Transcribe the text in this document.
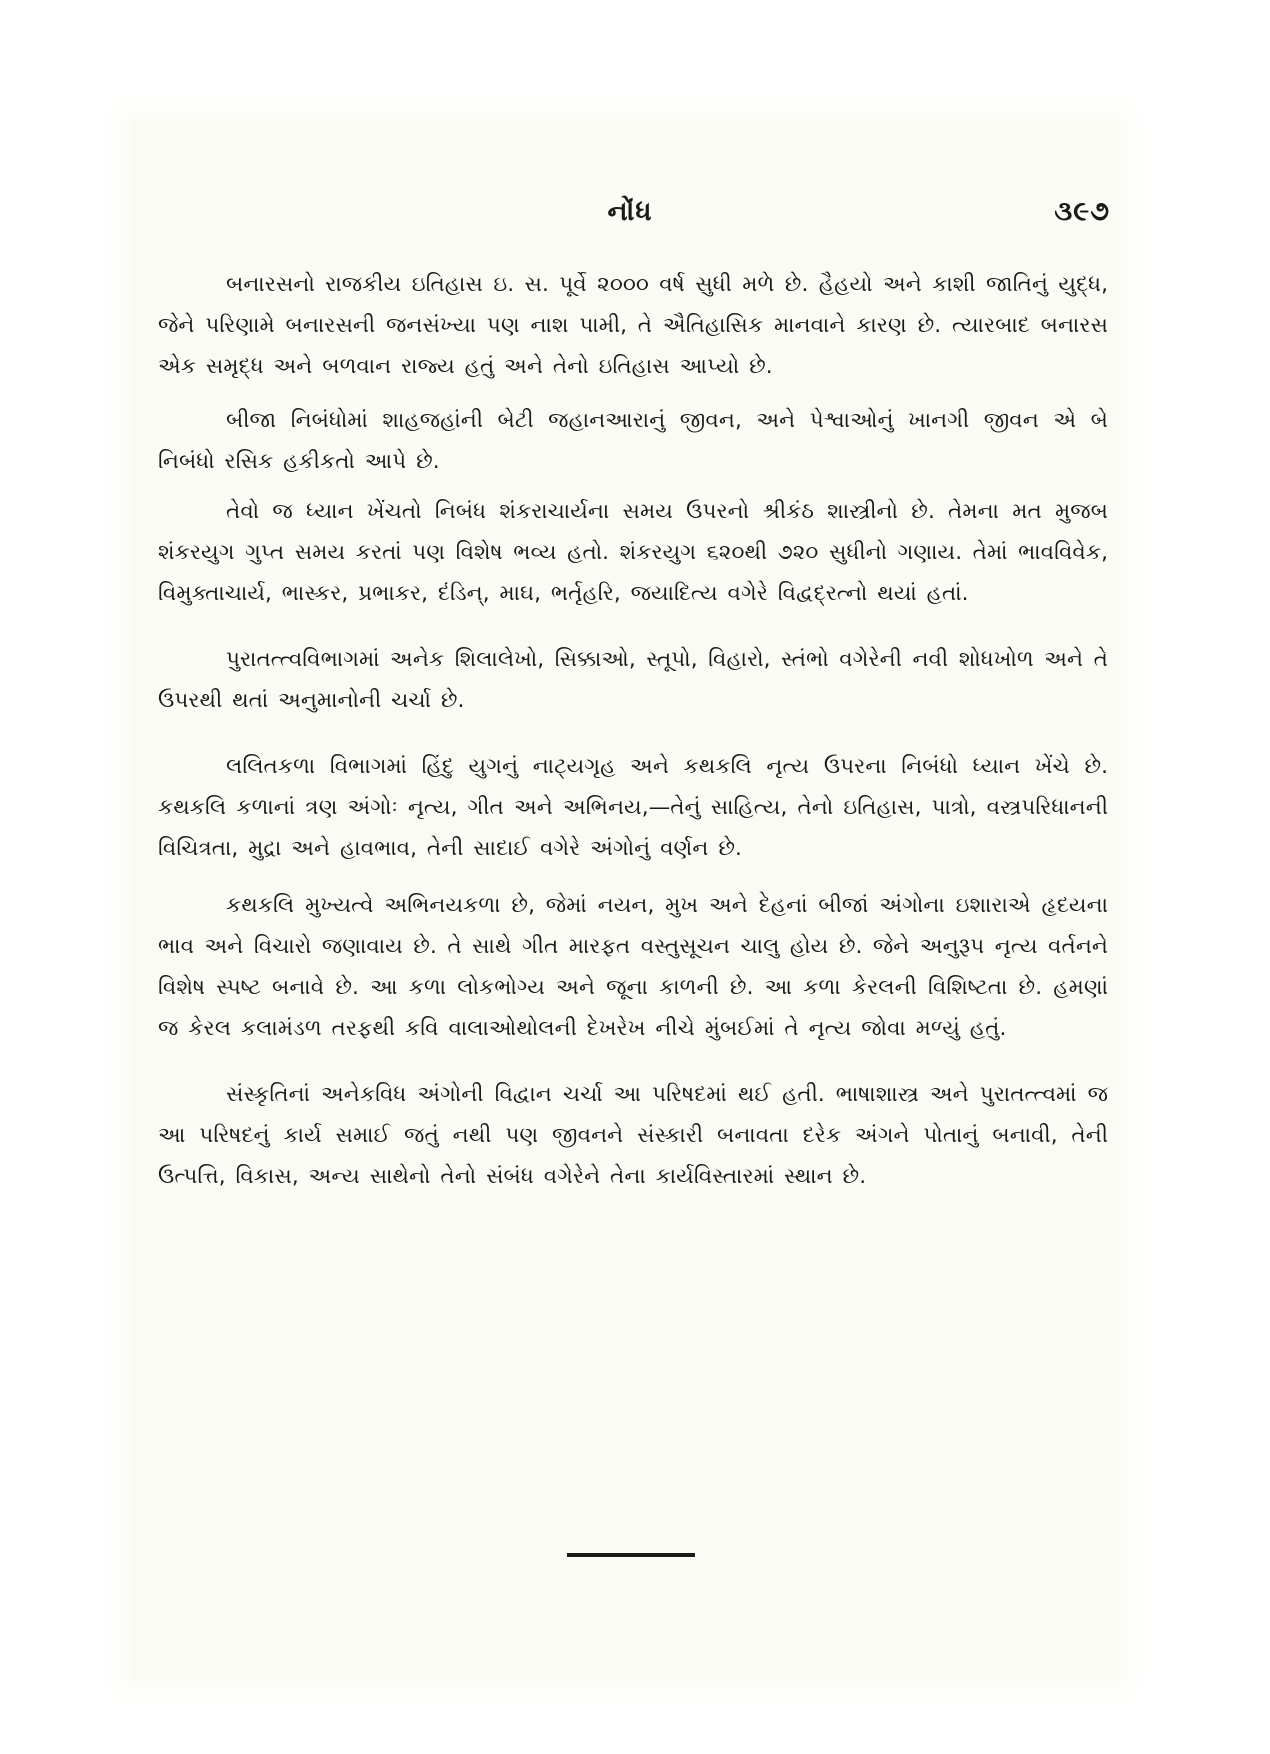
નોંધ	૩૯૭

બનારસનો રાજકીય ઇતિહાસ ઇ. સ. પૂર્વે ૨૦૦૦ વર્ષ સુધી મળે છે. હૈહયો અને કાશી જાતિનું યુદ્ધ, જેને પરિણામે બનારસની જનસંખ્યા પણ નાશ પામી, તે ઐતિહાસિક માનવાને કારણ છે. ત્યારબાદ બનારસ એક સમૃદ્ધ અને બળવાન રાજ્ય હતું અને તેનો ઇતિહાસ આપ્યો છે.

બીજા નિબંધોમાં શાહજહાંની બેટી જહાનઆરાનું જીવન, અને પેશ્વાઓનું ખાનગી જીવન એ બે નિબંધો રસિક હકીકતો આપે છે.

તેવો જ ધ્યાન ખેંચતો નિબંધ શંકરાચાર્યના સમય ઉપરનો શ્રીકંઠ શાસ્ત્રીનો છે. તેમના મત મુજબ શંકરયુગ ગુપ્ત સમય કરતાં પણ વિશેષ ભવ્ય હતો. શંકરયુગ ૬૨૦થી ૭૨૦ સુધીનો ગણાય. તેમાં ભાવવિવેક, વિમુક્તાચાર્ય, ભાસ્કર, પ્રભાકર, દંડિન્, માઘ, ભર્તૃહરિ, જયાદિત્ય વગેરે વિદ્વદ્‌રત્નો થયાં હતાં.

પુરાતત્ત્વવિભાગમાં અનેક શિલાલેખો, સિક્કાઓ, સ્તૂપો, વિહારો, સ્તંભો વગેરેની નવી શોધખોળ અને તે ઉપરથી થતાં અનુમાનોની ચર્ચા છે.

લલિતકળા વિભાગમાં હિંદુ યુગનું નાટ્યગૃહ અને કથકલિ નૃત્ય ઉપરના નિબંધો ધ્યાન ખેંચે છે. કથકલિ કળાનાં ત્રણ અંગોઃ નૃત્ય, ગીત અને અભિનય,—તેનું સાહિત્ય, તેનો ઇતિહાસ, પાત્રો, વસ્ત્રપરિધાનની વિચિત્રતા, મુદ્રા અને હાવભાવ, તેની સાદાઈ વગેરે અંગોનું વર્ણન છે.

કથકલિ મુખ્યત્વે અભિનયકળા છે, જેમાં નયન, મુખ અને દેહનાં બીજાં અંગોના ઇશારાએ હૃદયના ભાવ અને વિચારો જણાવાય છે. તે સાથે ગીત મારફત વસ્તુસૂચન ચાલુ હોય છે. જેને અનુરૂપ નૃત્ય વર્તનને વિશેષ સ્પષ્ટ બનાવે છે. આ કળા લોકભોગ્ય અને જૂના કાળની છે. આ કળા કેરલની વિશિષ્ટતા છે. હમણાં જ કેરલ કલામંડળ તરફથી કવિ વાલાઓથોલની દેખરેખ નીચે મુંબઈમાં તે નૃત્ય જોવા મળ્યું હતું.

સંસ્કૃતિનાં અનેકવિધ અંગોની વિદ્વાન ચર્ચા આ પરિષદમાં થઈ હતી. ભાષાશાસ્ત્ર અને પુરાતત્ત્વમાં જ આ પરિષદનું કાર્ય સમાઈ જતું નથી પણ જીવનને સંસ્કારી બનાવતા દરેક અંગને પોતાનું બનાવી, તેની ઉત્પત્તિ, વિકાસ, અન્ય સાથેનો તેનો સંબંધ વગેરેને તેના કાર્યવિસ્તારમાં સ્થાન છે.
